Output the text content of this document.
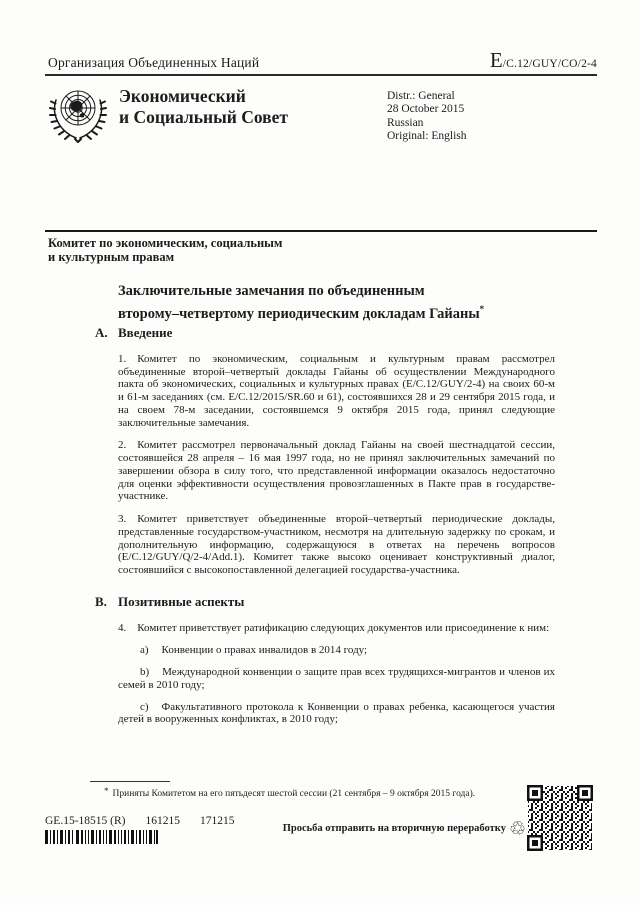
Организация Объединенных Наций	E /C.12/GUY/CO/2-4
Экономический
и Социальный Совет
Distr.: General
28 October 2015
Russian
Original: English
Комитет по экономическим, социальным
и культурным правам
Заключительные замечания по объединенным
второму–четвертому периодическим докладам Гайаны*
A. Введение
1. Комитет по экономическим, социальным и культурным правам рассмотрел объединенные второй–четвертый доклады Гайаны об осуществлении Международного пакта об экономических, социальных и культурных правах (E/C.12/GUY/2-4) на своих 60-м и 61-м заседаниях (см. E/C.12/2015/SR.60 и 61), состоявшихся 28 и 29 сентября 2015 года, и на своем 78-м заседании, состоявшемся 9 октября 2015 года, принял следующие заключительные замечания.
2. Комитет рассмотрел первоначальный доклад Гайаны на своей шестнадцатой сессии, состоявшейся 28 апреля – 16 мая 1997 года, но не принял заключительных замечаний по завершении обзора в силу того, что представленной информации оказалось недостаточно для оценки эффективности осуществления провозглашенных в Пакте прав в государстве-участнике.
3. Комитет приветствует объединенные второй–четвертый периодические доклады, представленные государством-участником, несмотря на длительную задержку по срокам, и дополнительную информацию, содержащуюся в ответах на перечень вопросов (E/C.12/GUY/Q/2-4/Add.1). Комитет также высоко оценивает конструктивный диалог, состоявшийся с высокопоставленной делегацией государства-участника.
B. Позитивные аспекты
4. Комитет приветствует ратификацию следующих документов или присоединение к ним:
a) Конвенции о правах инвалидов в 2014 году;
b) Международной конвенции о защите прав всех трудящихся-мигрантов и членов их семей в 2010 году;
c) Факультативного протокола к Конвенции о правах ребенка, касающегося участия детей в вооруженных конфликтах, в 2010 году;
* Приняты Комитетом на его пятьдесят шестой сессии (21 сентября – 9 октября 2015 года).
GE.15-18515 (R) 161215 171215
Просьба отправить на вторичную переработку ♲
